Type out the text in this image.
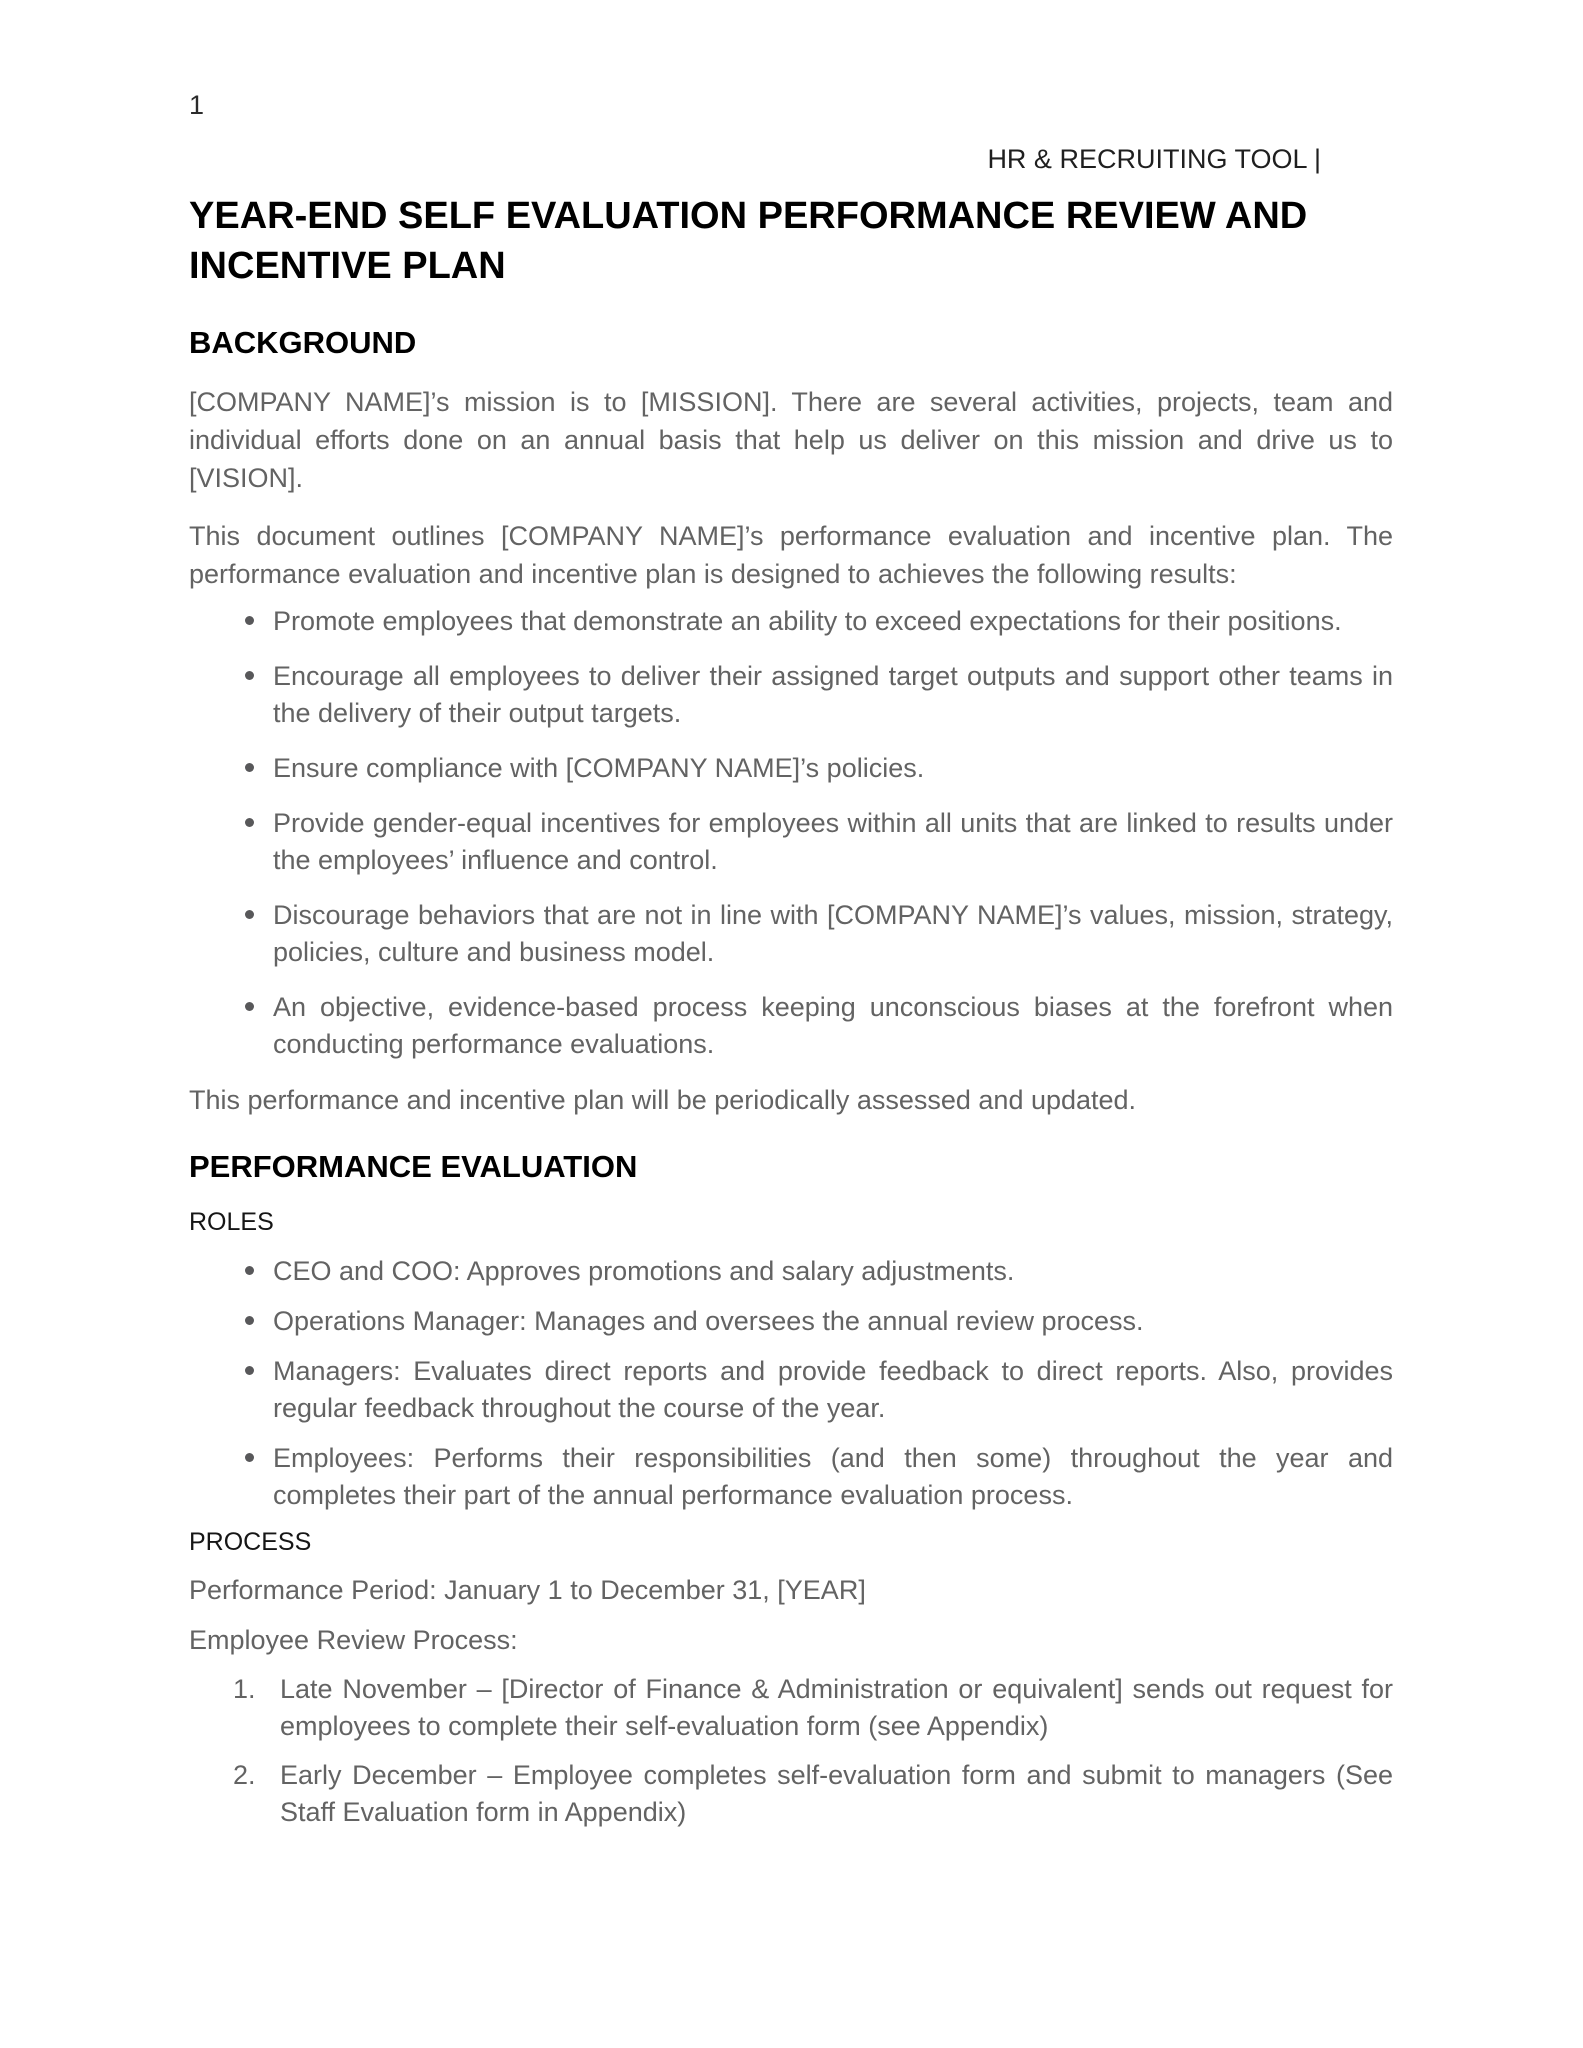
1
HR & RECRUITING TOOL |
YEAR-END SELF EVALUATION PERFORMANCE REVIEW AND INCENTIVE PLAN
BACKGROUND

[COMPANY NAME]’s mission is to [MISSION]. There are several activities, projects, team and individual efforts done on an annual basis that help us deliver on this mission and drive us to [VISION].

This document outlines [COMPANY NAME]’s performance evaluation and incentive plan. The performance evaluation and incentive plan is designed to achieves the following results:

Promote employees that demonstrate an ability to exceed expectations for their positions.
Encourage all employees to deliver their assigned target outputs and support other teams in the delivery of their output targets.
Ensure compliance with [COMPANY NAME]’s policies.
Provide gender-equal incentives for employees within all units that are linked to results under the employees’ influence and control.
Discourage behaviors that are not in line with [COMPANY NAME]’s values, mission, strategy, policies, culture and business model.
An objective, evidence-based process keeping unconscious biases at the forefront when conducting performance evaluations.

This performance and incentive plan will be periodically assessed and updated.

PERFORMANCE EVALUATION
ROLES
CEO and COO: Approves promotions and salary adjustments.
Operations Manager: Manages and oversees the annual review process.
Managers: Evaluates direct reports and provide feedback to direct reports. Also, provides regular feedback throughout the course of the year.
Employees: Performs their responsibilities (and then some) throughout the year and completes their part of the annual performance evaluation process.
PROCESS

Performance Period: January 1 to December 31, [YEAR]

Employee Review Process:

Late November – [Director of Finance & Administration or equivalent] sends out request for employees to complete their self-evaluation form (see Appendix)
Early December – Employee completes self-evaluation form and submit to managers (See Staff Evaluation form in Appendix)
